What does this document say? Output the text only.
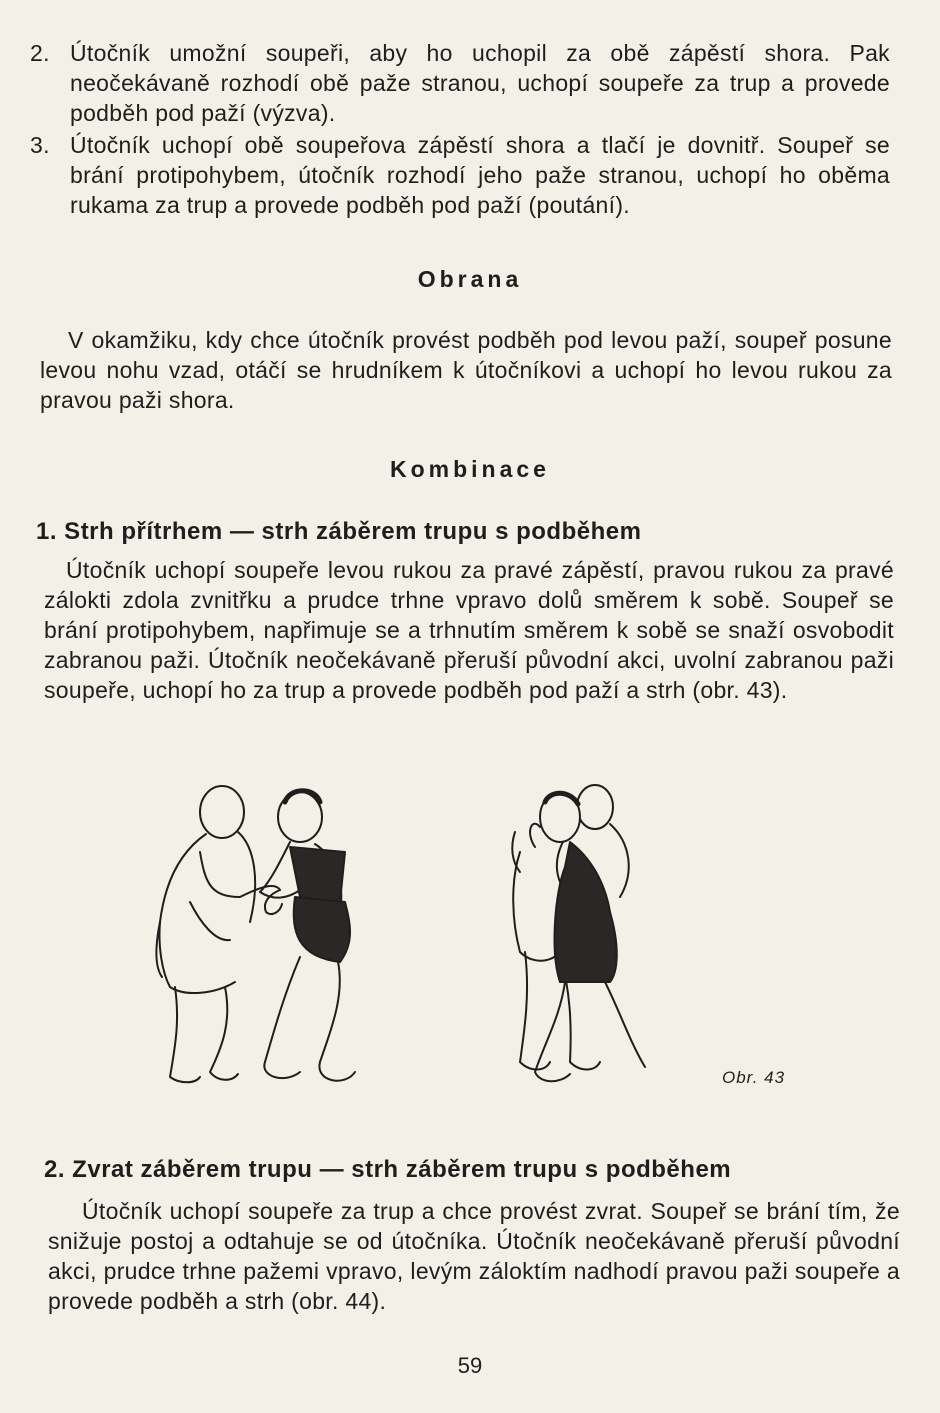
2. Útočník umožní soupeři, aby ho uchopil za obě zápěstí shora. Pak neočekávaně rozhodí obě paže stranou, uchopí soupeře za trup a provede podběh pod paží (výzva).
3. Útočník uchopí obě soupeřova zápěstí shora a tlačí je dovnitř. Soupeř se brání protipohybem, útočník rozhodí jeho paže stranou, uchopí ho oběma rukama za trup a provede podběh pod paží (poutání).
Obrana
V okamžiku, kdy chce útočník provést podběh pod levou paží, soupeř posune levou nohu vzad, otáčí se hrudníkem k útočníkovi a uchopí ho levou rukou za pravou paži shora.
Kombinace
1. Strh přítrhem — strh záběrem trupu s podběhem
Útočník uchopí soupeře levou rukou za pravé zápěstí, pravou rukou za pravé zálokti zdola zvnitřku a prudce trhne vpravo dolů směrem k sobě. Soupeř se brání protipohybem, napřimuje se a trhnutím směrem k sobě se snaží osvobodit zabranou paži. Útočník neočekávaně přeruší původní akci, uvolní zabranou paži soupeře, uchopí ho za trup a provede podběh pod paží a strh (obr. 43).
Obr. 43
2. Zvrat záběrem trupu — strh záběrem trupu s podběhem
Útočník uchopí soupeře za trup a chce provést zvrat. Soupeř se brání tím, že snižuje postoj a odtahuje se od útočníka. Útočník neočekávaně přeruší původní akci, prudce trhne pažemi vpravo, levým záloktím nadhodí pravou paži soupeře a provede podběh a strh (obr. 44).
59
